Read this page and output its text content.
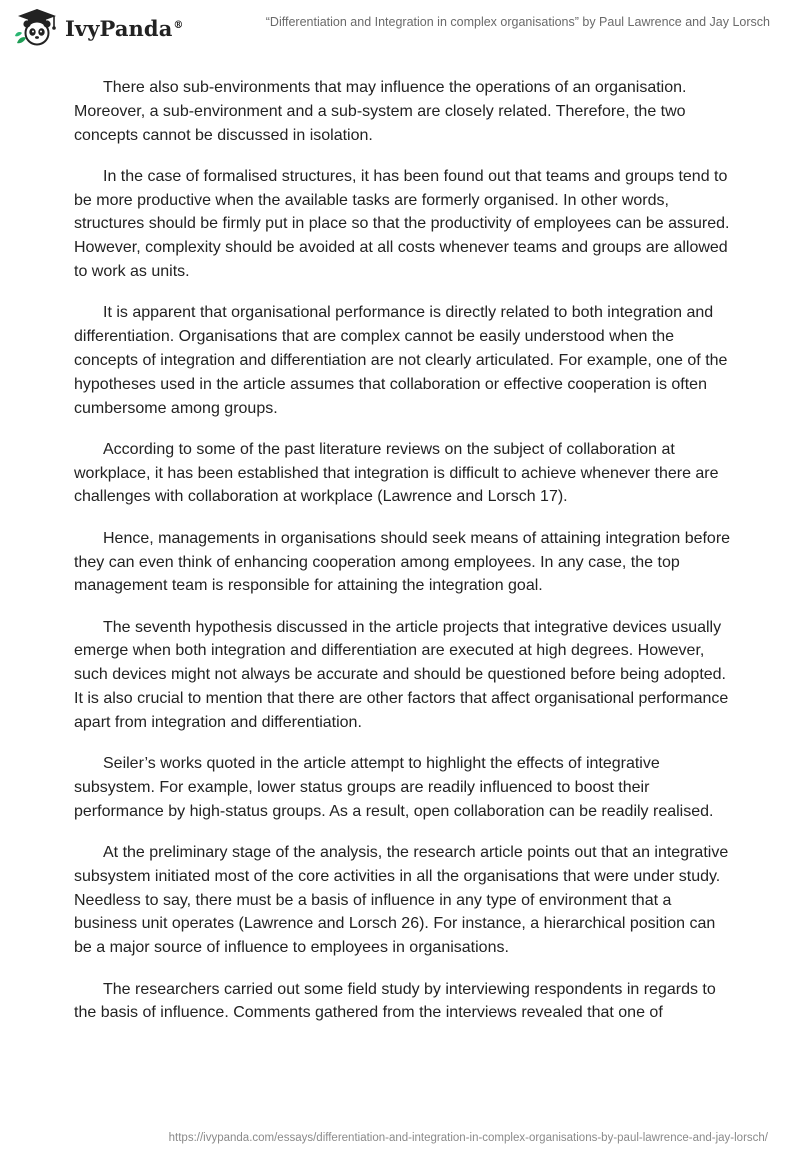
IvyPanda®	“Differentiation and Integration in complex organisations” by Paul Lawrence and Jay Lorsch

There also sub-environments that may influence the operations of an organisation. Moreover, a sub-environment and a sub-system are closely related. Therefore, the two concepts cannot be discussed in isolation.

In the case of formalised structures, it has been found out that teams and groups tend to be more productive when the available tasks are formerly organised. In other words, structures should be firmly put in place so that the productivity of employees can be assured. However, complexity should be avoided at all costs whenever teams and groups are allowed to work as units.

It is apparent that organisational performance is directly related to both integration and differentiation. Organisations that are complex cannot be easily understood when the concepts of integration and differentiation are not clearly articulated. For example, one of the hypotheses used in the article assumes that collaboration or effective cooperation is often cumbersome among groups.

According to some of the past literature reviews on the subject of collaboration at workplace, it has been established that integration is difficult to achieve whenever there are challenges with collaboration at workplace (Lawrence and Lorsch 17).

Hence, managements in organisations should seek means of attaining integration before they can even think of enhancing cooperation among employees. In any case, the top management team is responsible for attaining the integration goal.

The seventh hypothesis discussed in the article projects that integrative devices usually emerge when both integration and differentiation are executed at high degrees. However, such devices might not always be accurate and should be questioned before being adopted. It is also crucial to mention that there are other factors that affect organisational performance apart from integration and differentiation.

Seiler’s works quoted in the article attempt to highlight the effects of integrative subsystem. For example, lower status groups are readily influenced to boost their performance by high-status groups. As a result, open collaboration can be readily realised.

At the preliminary stage of the analysis, the research article points out that an integrative subsystem initiated most of the core activities in all the organisations that were under study. Needless to say, there must be a basis of influence in any type of environment that a business unit operates (Lawrence and Lorsch 26). For instance, a hierarchical position can be a major source of influence to employees in organisations.

The researchers carried out some field study by interviewing respondents in regards to the basis of influence. Comments gathered from the interviews revealed that one of

https://ivypanda.com/essays/differentiation-and-integration-in-complex-organisations-by-paul-lawrence-and-jay-lorsch/
